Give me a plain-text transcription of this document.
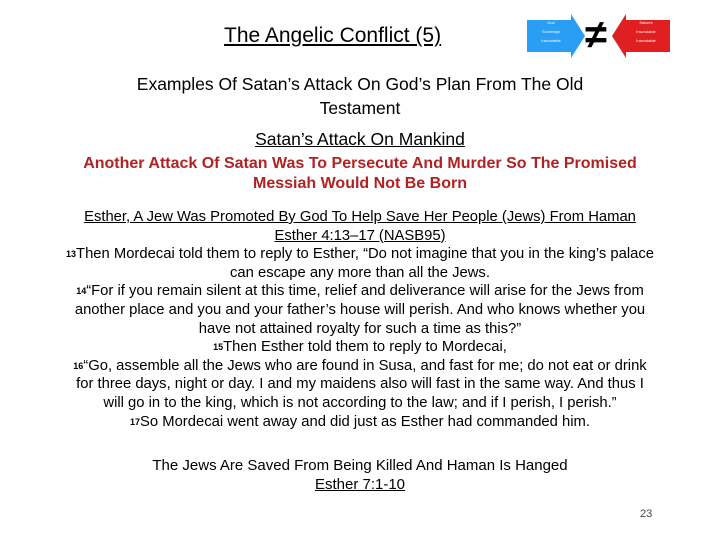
The Angelic Conflict (5)
God
Sovereign
Inscrutable ≠	Satan's
Inscrutable
Inscrutable
Examples Of Satan’s Attack On God’s Plan From The Old
Testament
Satan’s Attack On Mankind
Another Attack Of Satan Was To Persecute And Murder So The Promised
Messiah Would Not Be Born
Esther, A Jew Was Promoted By God To Help Save Her People (Jews) From Haman
Esther 4:13–17 (NASB95)
$^{13}$Then Mordecai told them to reply to Esther, “Do not imagine that you in the king’s palace
can escape any more than all the Jews.
$^{14}$“For if you remain silent at this time, relief and deliverance will arise for the Jews from
another place and you and your father’s house will perish. And who knows whether you
have not attained royalty for such a time as this?”
$^{15}$Then Esther told them to reply to Mordecai,
$^{16}$“Go, assemble all the Jews who are found in Susa, and fast for me; do not eat or drink
for three days, night or day. I and my maidens also will fast in the same way. And thus I
will go in to the king, which is not according to the law; and if I perish, I perish.”
$^{17}$So Mordecai went away and did just as Esther had commanded him.
The Jews Are Saved From Being Killed And Haman Is Hanged
Esther 7:1-10
23
